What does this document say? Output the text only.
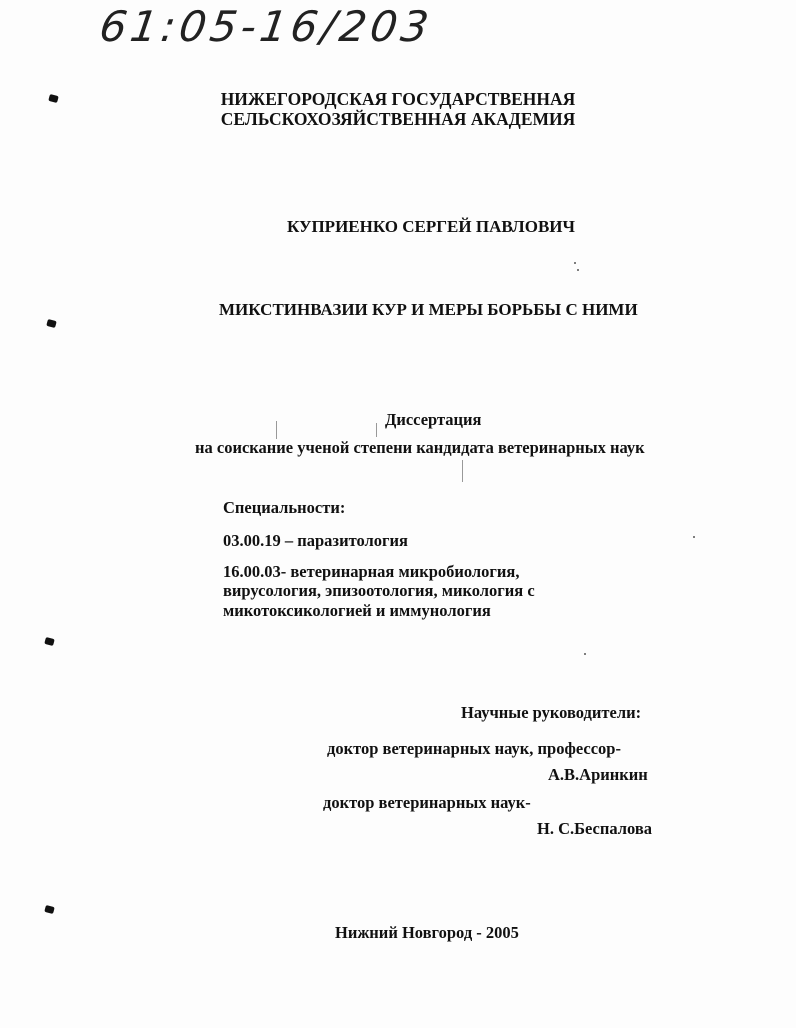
61:05-16/203
НИЖЕГОРОДСКАЯ ГОСУДАРСТВЕННАЯ
СЕЛЬСКОХОЗЯЙСТВЕННАЯ АКАДЕМИЯ
КУПРИЕНКО СЕРГЕЙ ПАВЛОВИЧ
МИКСТИНВАЗИИ КУР И МЕРЫ БОРЬБЫ С НИМИ
Диссертация
на соискание ученой степени кандидата ветеринарных наук
Специальности:
03.00.19 – паразитология
16.00.03- ветеринарная микробиология,
вирусология, эпизоотология, микология с
микотоксикологией и иммунология
Научные руководители:
доктор ветеринарных наук, профессор-
А.В.Аринкин
доктор ветеринарных наук-
Н. С.Беспалова
Нижний Новгород - 2005
